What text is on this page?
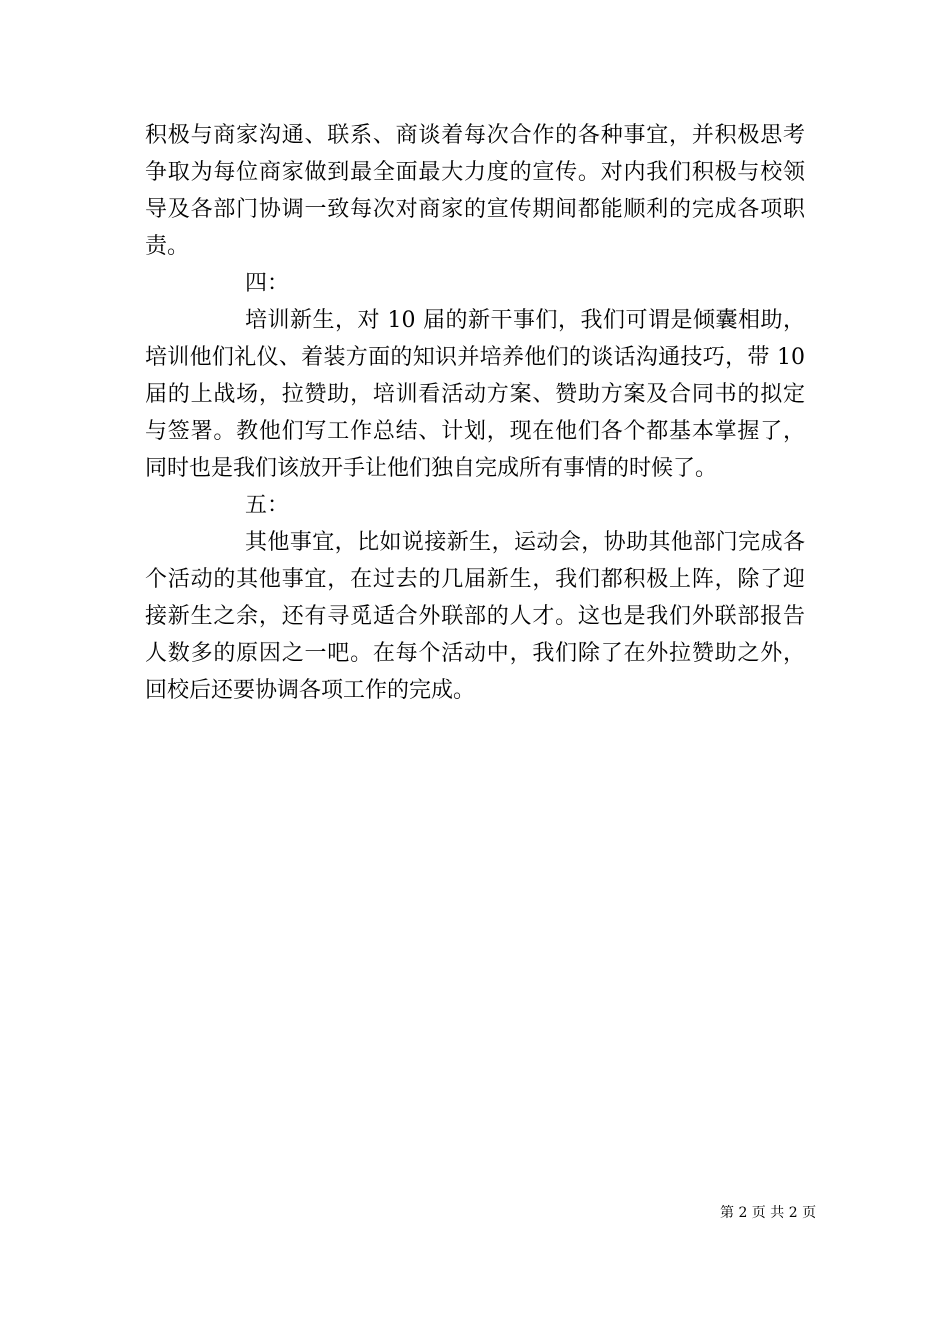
积极与商家沟通、联系、商谈着每次合作的各种事宜，并积极思考
争取为每位商家做到最全面最大力度的宣传。对内我们积极与校领
导及各部门协调一致每次对商家的宣传期间都能顺利的完成各项职
责。
四：
培训新生，对 10 届的新干事们，我们可谓是倾囊相助，
培训他们礼仪、着装方面的知识并培养他们的谈话沟通技巧，带 10
届的上战场，拉赞助，培训看活动方案、赞助方案及合同书的拟定
与签署。教他们写工作总结、计划，现在他们各个都基本掌握了，
同时也是我们该放开手让他们独自完成所有事情的时候了。
五：
其他事宜，比如说接新生，运动会，协助其他部门完成各
个活动的其他事宜，在过去的几届新生，我们都积极上阵，除了迎
接新生之余，还有寻觅适合外联部的人才。这也是我们外联部报告
人数多的原因之一吧。在每个活动中，我们除了在外拉赞助之外，
回校后还要协调各项工作的完成。
第 2 页 共 2 页
